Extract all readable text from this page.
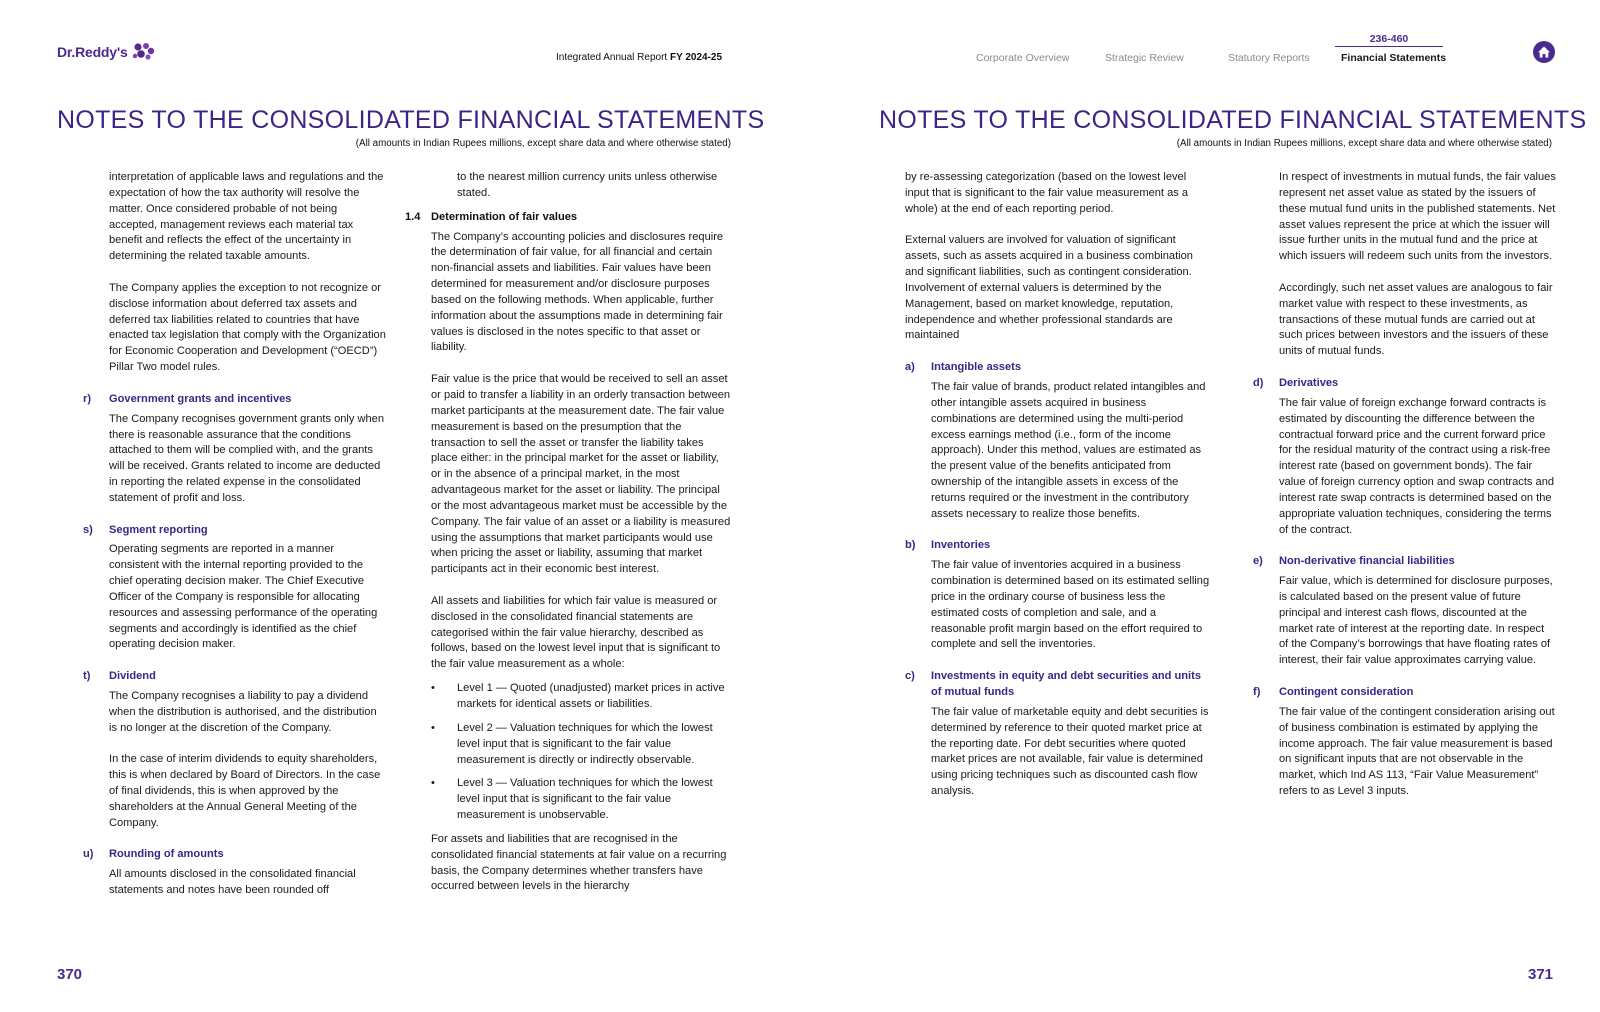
Dr.Reddy's	Integrated Annual Report FY 2024-25	Corporate Overview	Strategic Review	Statutory Reports
236-460
Financial Statements
NOTES TO THE CONSOLIDATED FINANCIAL STATEMENTS
(All amounts in Indian Rupees millions, except share data and where otherwise stated)
NOTES TO THE CONSOLIDATED FINANCIAL STATEMENTS
(All amounts in Indian Rupees millions, except share data and where otherwise stated)

interpretation of applicable laws and regulations and the expectation of how the tax authority will resolve the matter. Once considered probable of not being accepted, management reviews each material tax benefit and reflects the effect of the uncertainty in determining the related taxable amounts.

The Company applies the exception to not recognize or disclose information about deferred tax assets and deferred tax liabilities related to countries that have enacted tax legislation that comply with the Organization for Economic Cooperation and Development (“OECD”) Pillar Two model rules.

r) Government grants and incentives

The Company recognises government grants only when there is reasonable assurance that the conditions attached to them will be complied with, and the grants will be received. Grants related to income are deducted in reporting the related expense in the consolidated statement of profit and loss.

s) Segment reporting

Operating segments are reported in a manner consistent with the internal reporting provided to the chief operating decision maker. The Chief Executive Officer of the Company is responsible for allocating resources and assessing performance of the operating segments and accordingly is identified as the chief operating decision maker.

t) Dividend

The Company recognises a liability to pay a dividend when the distribution is authorised, and the distribution is no longer at the discretion of the Company.

In the case of interim dividends to equity shareholders, this is when declared by Board of Directors. In the case of final dividends, this is when approved by the shareholders at the Annual General Meeting of the Company.

u) Rounding of amounts

All amounts disclosed in the consolidated financial statements and notes have been rounded off

to the nearest million currency units unless otherwise stated.

1.4 Determination of fair values

The Company’s accounting policies and disclosures require the determination of fair value, for all financial and certain non-financial assets and liabilities. Fair values have been determined for measurement and/or disclosure purposes based on the following methods. When applicable, further information about the assumptions made in determining fair values is disclosed in the notes specific to that asset or liability.

Fair value is the price that would be received to sell an asset or paid to transfer a liability in an orderly transaction between market participants at the measurement date. The fair value measurement is based on the presumption that the transaction to sell the asset or transfer the liability takes place either: in the principal market for the asset or liability, or in the absence of a principal market, in the most advantageous market for the asset or liability. The principal or the most advantageous market must be accessible by the Company. The fair value of an asset or a liability is measured using the assumptions that market participants would use when pricing the asset or liability, assuming that market participants act in their economic best interest.

All assets and liabilities for which fair value is measured or disclosed in the consolidated financial statements are categorised within the fair value hierarchy, described as follows, based on the lowest level input that is significant to the fair value measurement as a whole:

• Level 1 — Quoted (unadjusted) market prices in active markets for identical assets or liabilities.
• Level 2 — Valuation techniques for which the lowest level input that is significant to the fair value measurement is directly or indirectly observable.
• Level 3 — Valuation techniques for which the lowest level input that is significant to the fair value measurement is unobservable.

For assets and liabilities that are recognised in the consolidated financial statements at fair value on a recurring basis, the Company determines whether transfers have occurred between levels in the hierarchy

by re-assessing categorization (based on the lowest level input that is significant to the fair value measurement as a whole) at the end of each reporting period.

External valuers are involved for valuation of significant assets, such as assets acquired in a business combination and significant liabilities, such as contingent consideration. Involvement of external valuers is determined by the Management, based on market knowledge, reputation, independence and whether professional standards are maintained

a) Intangible assets

The fair value of brands, product related intangibles and other intangible assets acquired in business combinations are determined using the multi-period excess earnings method (i.e., form of the income approach). Under this method, values are estimated as the present value of the benefits anticipated from ownership of the intangible assets in excess of the returns required or the investment in the contributory assets necessary to realize those benefits.

b) Inventories

The fair value of inventories acquired in a business combination is determined based on its estimated selling price in the ordinary course of business less the estimated costs of completion and sale, and a reasonable profit margin based on the effort required to complete and sell the inventories.

c) Investments in equity and debt securities and units of mutual funds

The fair value of marketable equity and debt securities is determined by reference to their quoted market price at the reporting date. For debt securities where quoted market prices are not available, fair value is determined using pricing techniques such as discounted cash flow analysis.

In respect of investments in mutual funds, the fair values represent net asset value as stated by the issuers of these mutual fund units in the published statements. Net asset values represent the price at which the issuer will issue further units in the mutual fund and the price at which issuers will redeem such units from the investors.

Accordingly, such net asset values are analogous to fair market value with respect to these investments, as transactions of these mutual funds are carried out at such prices between investors and the issuers of these units of mutual funds.

d) Derivatives

The fair value of foreign exchange forward contracts is estimated by discounting the difference between the contractual forward price and the current forward price for the residual maturity of the contract using a risk-free interest rate (based on government bonds). The fair value of foreign currency option and swap contracts and interest rate swap contracts is determined based on the appropriate valuation techniques, considering the terms of the contract.

e) Non-derivative financial liabilities

Fair value, which is determined for disclosure purposes, is calculated based on the present value of future principal and interest cash flows, discounted at the market rate of interest at the reporting date. In respect of the Company’s borrowings that have floating rates of interest, their fair value approximates carrying value.

f) Contingent consideration

The fair value of the contingent consideration arising out of business combination is estimated by applying the income approach. The fair value measurement is based on significant inputs that are not observable in the market, which Ind AS 113, “Fair Value Measurement” refers to as Level 3 inputs.

370	371
